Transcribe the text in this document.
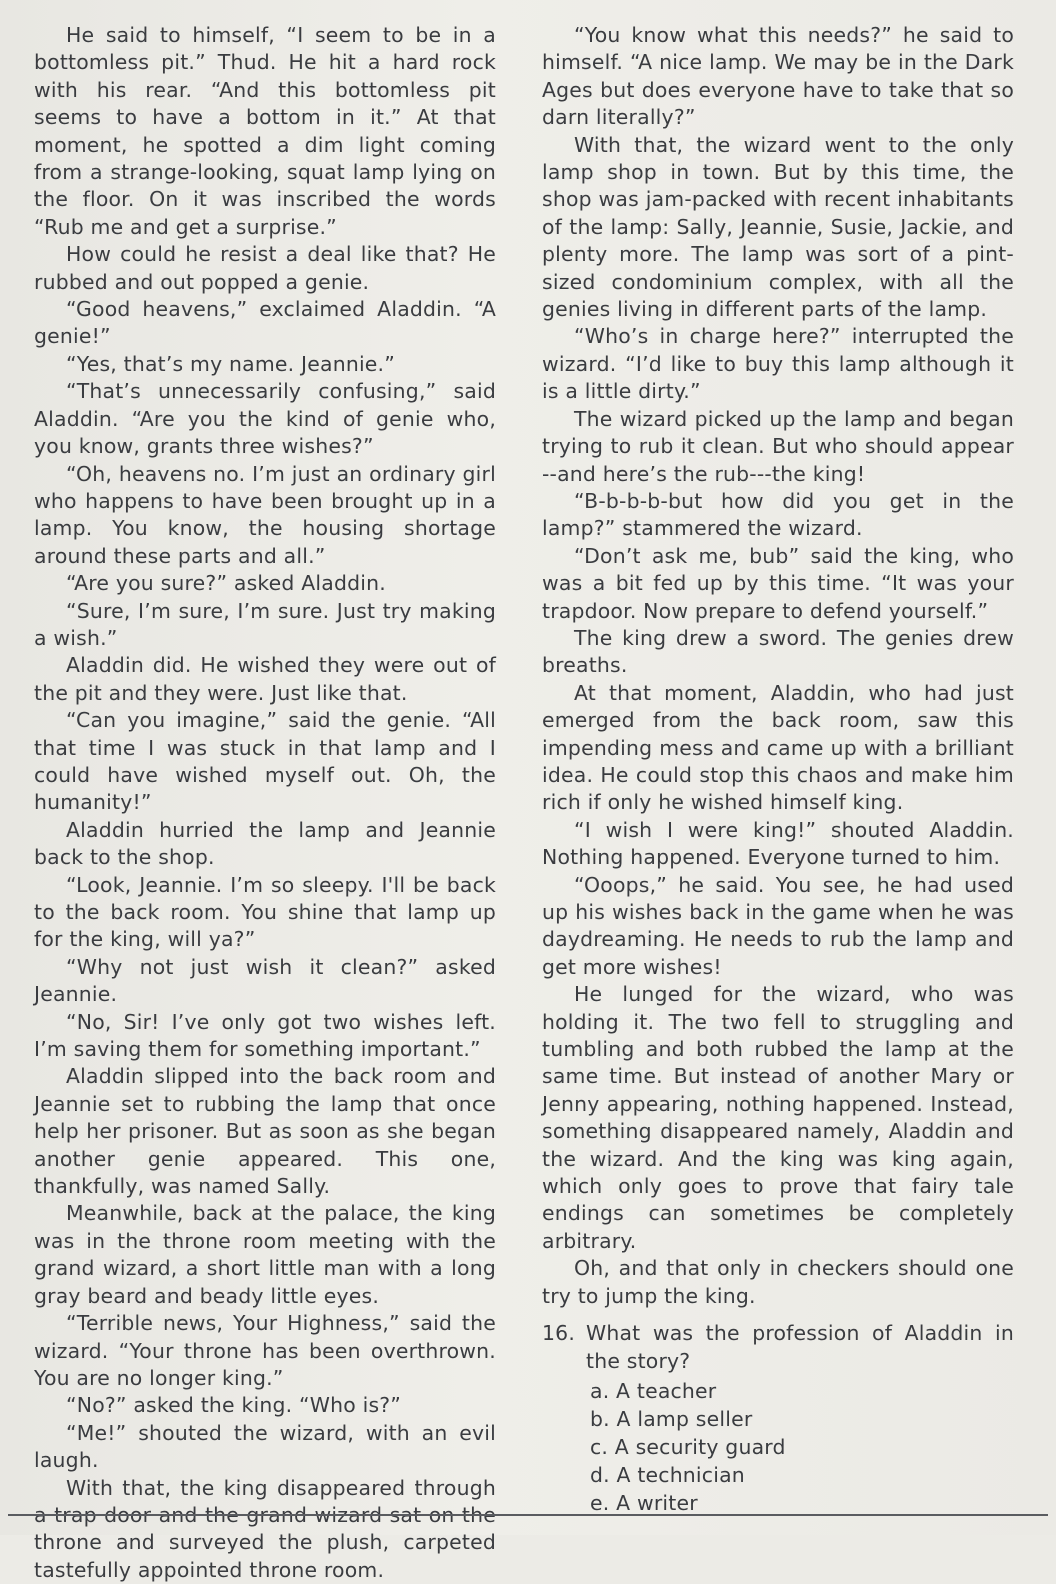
He said to himself, “I seem to be in a bottomless pit.” Thud. He hit a hard rock with his rear. “And this bottomless pit seems to have a bottom in it.” At that moment, he spotted a dim light coming from a strange-looking, squat lamp lying on the floor. On it was inscribed the words “Rub me and get a surprise.”

How could he resist a deal like that? He rubbed and out popped a genie.

“Good heavens,” exclaimed Aladdin. “A genie!”

“Yes, that’s my name. Jeannie.”

“That’s unnecessarily confusing,” said Aladdin. “Are you the kind of genie who, you know, grants three wishes?”

“Oh, heavens no. I’m just an ordinary girl who happens to have been brought up in a lamp. You know, the housing shortage around these parts and all.”

“Are you sure?” asked Aladdin.

“Sure, I’m sure, I’m sure. Just try making a wish.”

Aladdin did. He wished they were out of the pit and they were. Just like that.

“Can you imagine,” said the genie. “All that time I was stuck in that lamp and I could have wished myself out. Oh, the humanity!”

Aladdin hurried the lamp and Jeannie back to the shop.

“Look, Jeannie. I’m so sleepy. I'll be back to the back room. You shine that lamp up for the king, will ya?”

“Why not just wish it clean?” asked Jeannie.

“No, Sir! I’ve only got two wishes left. I’m saving them for something important.”

Aladdin slipped into the back room and Jeannie set to rubbing the lamp that once help her prisoner. But as soon as she began another genie appeared. This one, thankfully, was named Sally.

Meanwhile, back at the palace, the king was in the throne room meeting with the grand wizard, a short little man with a long gray beard and beady little eyes.

“Terrible news, Your Highness,” said the wizard. “Your throne has been overthrown. You are no longer king.”

“No?” asked the king. “Who is?”

“Me!” shouted the wizard, with an evil laugh.

With that, the king disappeared through a trap door and the grand wizard sat on the throne and surveyed the plush, carpeted tastefully appointed throne room.

“You know what this needs?” he said to himself. “A nice lamp. We may be in the Dark Ages but does everyone have to take that so darn literally?”

With that, the wizard went to the only lamp shop in town. But by this time, the shop was jam-packed with recent inhabitants of the lamp: Sally, Jeannie, Susie, Jackie, and plenty more. The lamp was sort of a pint-sized condominium complex, with all the genies living in different parts of the lamp.

“Who’s in charge here?” interrupted the wizard. “I’d like to buy this lamp although it is a little dirty.”

The wizard picked up the lamp and began trying to rub it clean. But who should appear --and here’s the rub---the king!

“B-b-b-b-but how did you get in the lamp?” stammered the wizard.

“Don’t ask me, bub” said the king, who was a bit fed up by this time. “It was your trapdoor. Now prepare to defend yourself.”

The king drew a sword. The genies drew breaths.

At that moment, Aladdin, who had just emerged from the back room, saw this impending mess and came up with a brilliant idea. He could stop this chaos and make him rich if only he wished himself king.

“I wish I were king!” shouted Aladdin. Nothing happened. Everyone turned to him.

“Ooops,” he said. You see, he had used up his wishes back in the game when he was daydreaming. He needs to rub the lamp and get more wishes!

He lunged for the wizard, who was holding it. The two fell to struggling and tumbling and both rubbed the lamp at the same time. But instead of another Mary or Jenny appearing, nothing happened. Instead, something disappeared namely, Aladdin and the wizard. And the king was king again, which only goes to prove that fairy tale endings can sometimes be completely arbitrary.

Oh, and that only in checkers should one try to jump the king.

16. What was the profession of Aladdin in the story?
a. A teacher
b. A lamp seller
c. A security guard
d. A technician
e. A writer
